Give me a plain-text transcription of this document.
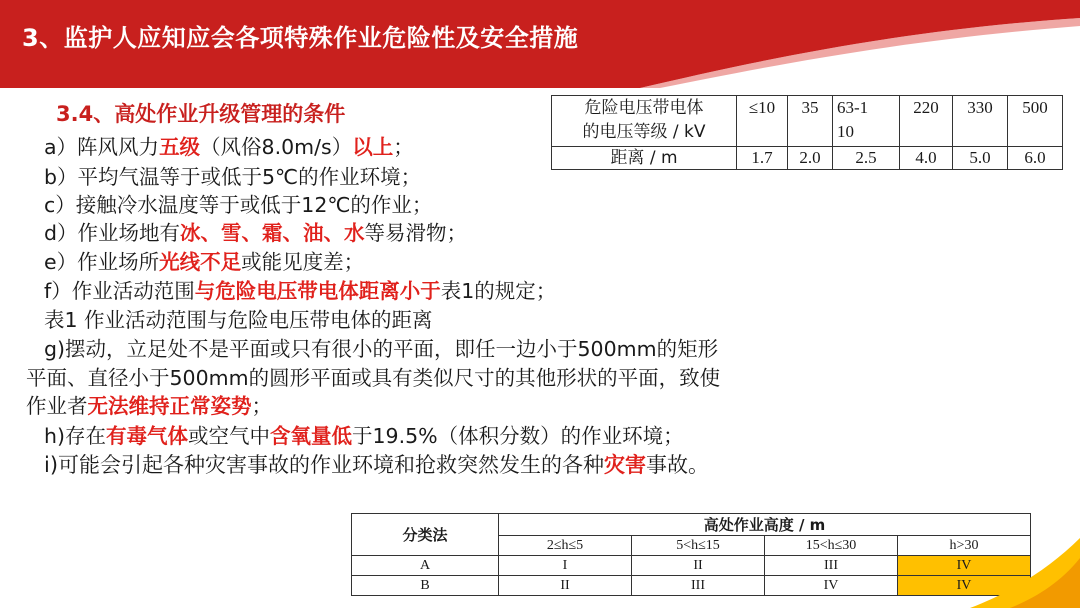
3、监护人应知应会各项特殊作业危险性及安全措施
3.4、高处作业升级管理的条件
a）阵风风力五级（风俗8.0m/s）以上；
b）平均气温等于或低于5℃的作业环境；
c）接触冷水温度等于或低于12℃的作业；
d）作业场地有冰、雪、霜、油、水等易滑物；
e）作业场所光线不足或能见度差；
f）作业活动范围与危险电压带电体距离小于表1的规定；
表1 作业活动范围与危险电压带电体的距离
g)摆动，立足处不是平面或只有很小的平面，即任一边小于500mm的矩形
平面、直径小于500mm的圆形平面或具有类似尺寸的其他形状的平面，致使
作业者无法维持正常姿势；
h)存在有毒气体或空气中含氧量低于19.5%（体积分数）的作业环境；
i)可能会引起各种灾害事故的作业环境和抢救突然发生的各种灾害事故。
危险电压带电体
的电压等级 / kV	≤10	35	63-110	220	330	500
距离 / m	1.7	2.0	2.5	4.0	5.0	6.0
分类法	高处作业高度 / m			
	2≤h≤5	5<h≤15	15<h≤30	h>30
A	I	II	III	IV
B	II	III	IV	IV
